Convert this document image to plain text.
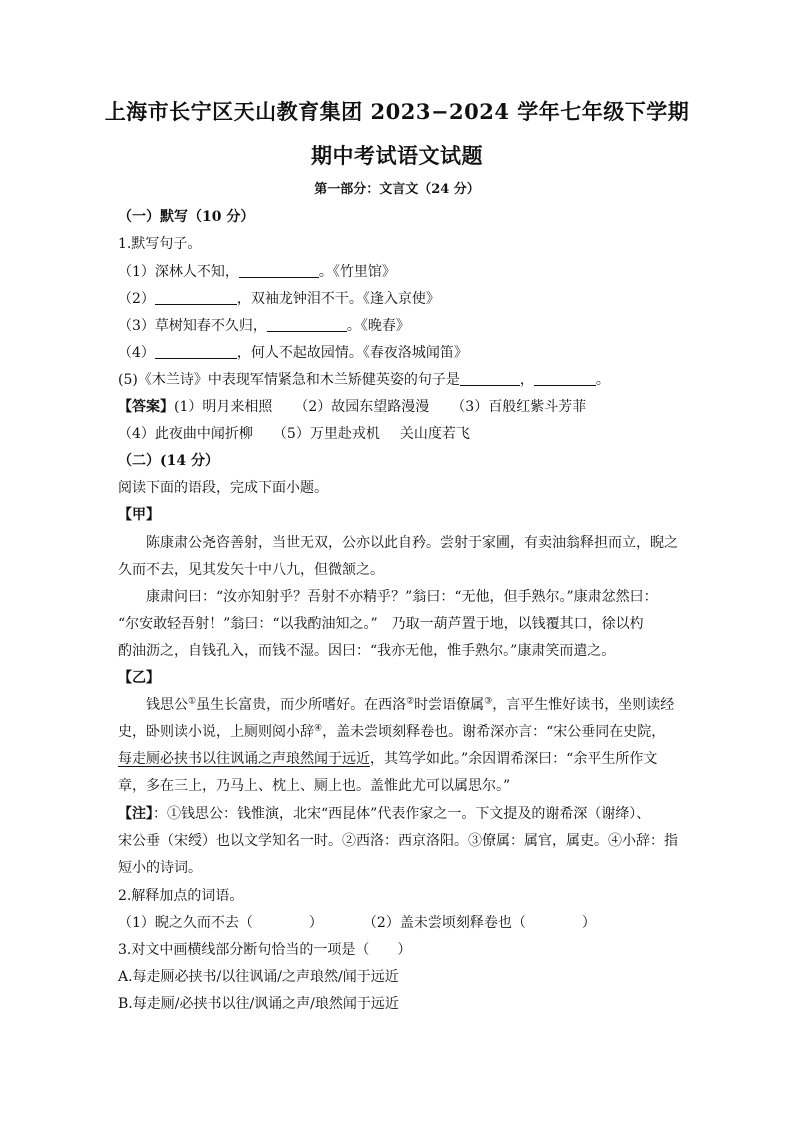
上海市长宁区天山教育集团 2023−2024 学年七年级下学期
期中考试语文试题
第一部分：文言文（24 分）
（一）默写（10 分）
1.默写句子。
（1）深林人不知，	。《竹里馆》
（2）	，双袖龙钟泪不干。《逢入京使》
（3）草树知春不久归，	。《晚春》
（4）	，何人不起故园情。《春夜洛城闻笛》
(5)《木兰诗》中表现军情紧急和木兰矫健英姿的句子是	，	。
【答案】(1）明月来相照 （2）故园东望路漫漫 （3）百般红紫斗芳菲
（4）此夜曲中闻折柳 （5）万里赴戎机 关山度若飞
（二）(14 分）
阅读下面的语段，完成下面小题。
【甲】
陈康肃公尧咨善射，当世无双，公亦以此自矜。尝射于家圃，有卖油翁释担而立，睨之
久而不去，见其发矢十中八九，但微颔之。
康肃问曰：“汝亦知射乎？吾射不亦精乎？”翁曰：“无他，但手熟尔。”康肃忿然曰：
“尔安敢轻吾射！”翁曰：“以我酌油知之。”　乃取一葫芦置于地，以钱覆其口，徐以杓
酌油沥之，自钱孔入，而钱不湿。因曰：“我亦无他，惟手熟尔。”康肃笑而遣之。
【乙】
钱思公①虽生长富贵，而少所嗜好。在西洛②时尝语僚属③，言平生惟好读书，坐则读经
史，卧则读小说，上厕则阅小辞④，盖未尝顷刻释卷也。谢希深亦言：“宋公垂同在史院，
每走厕必挟书以往讽诵之声琅然闻于远近，其笃学如此。”余因谓希深曰：“余平生所作文
章，多在三上，乃马上、枕上、厕上也。盖惟此尤可以属思尔。”
【注】：①钱思公：钱惟演，北宋“西昆体”代表作家之一。下文提及的谢希深（谢绛）、
宋公垂（宋绶）也以文学知名一时。②西洛：西京洛阳。③僚属：属官，属吏。④小辞：指
短小的诗词。
2.解释加点的词语。
（1）睨之久而不去（　　　　）	（2）盖未尝顷刻释卷也（　　　　）
3.对文中画横线部分断句恰当的一项是（　　）
A.每走厕必挟书/以往讽诵/之声琅然/闻于远近
B.每走厕/必挟书以往/讽诵之声/琅然闻于远近
